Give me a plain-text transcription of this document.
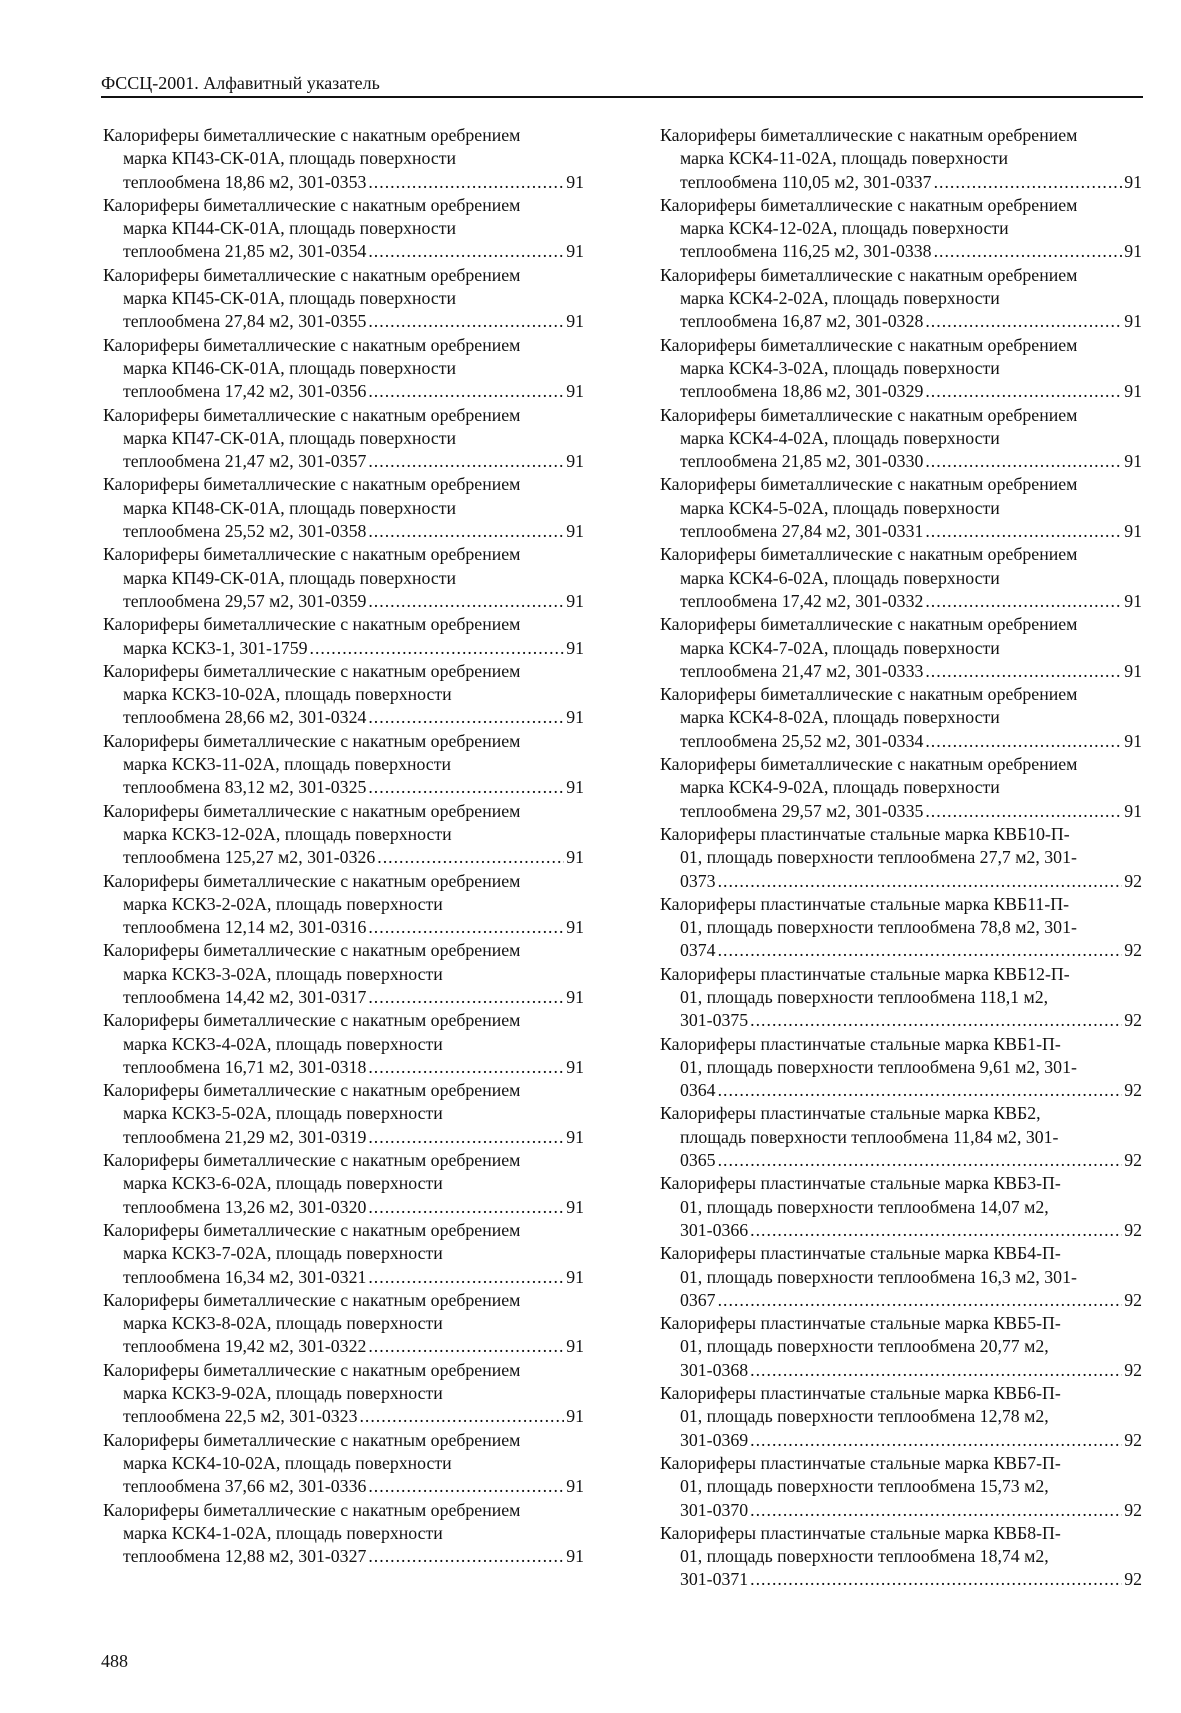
ФССЦ-2001. Алфавитный указатель
Калориферы биметаллические с накатным оребрением
марка КП43-СК-01А, площадь поверхности
теплообмена 18,86 м2, 301-0353 .....	91
Калориферы биметаллические с накатным оребрением
марка КП44-СК-01А, площадь поверхности
теплообмена 21,85 м2, 301-0354 .....	91
Калориферы биметаллические с накатным оребрением
марка КП45-СК-01А, площадь поверхности
теплообмена 27,84 м2, 301-0355 .....	91
Калориферы биметаллические с накатным оребрением
марка КП46-СК-01А, площадь поверхности
теплообмена 17,42 м2, 301-0356 .....	91
Калориферы биметаллические с накатным оребрением
марка КП47-СК-01А, площадь поверхности
теплообмена 21,47 м2, 301-0357 .....	91
Калориферы биметаллические с накатным оребрением
марка КП48-СК-01А, площадь поверхности
теплообмена 25,52 м2, 301-0358 .....	91
Калориферы биметаллические с накатным оребрением
марка КП49-СК-01А, площадь поверхности
теплообмена 29,57 м2, 301-0359 .....	91
Калориферы биметаллические с накатным оребрением
марка КСК3-1, 301-1759 .....	91
Калориферы биметаллические с накатным оребрением
марка КСК3-10-02А, площадь поверхности
теплообмена 28,66 м2, 301-0324 .....	91
Калориферы биметаллические с накатным оребрением
марка КСК3-11-02А, площадь поверхности
теплообмена 83,12 м2, 301-0325 .....	91
Калориферы биметаллические с накатным оребрением
марка КСК3-12-02А, площадь поверхности
теплообмена 125,27 м2, 301-0326 .....	91
Калориферы биметаллические с накатным оребрением
марка КСК3-2-02А, площадь поверхности
теплообмена 12,14 м2, 301-0316 .....	91
Калориферы биметаллические с накатным оребрением
марка КСК3-3-02А, площадь поверхности
теплообмена 14,42 м2, 301-0317 .....	91
Калориферы биметаллические с накатным оребрением
марка КСК3-4-02А, площадь поверхности
теплообмена 16,71 м2, 301-0318 .....	91
Калориферы биметаллические с накатным оребрением
марка КСК3-5-02А, площадь поверхности
теплообмена 21,29 м2, 301-0319 .....	91
Калориферы биметаллические с накатным оребрением
марка КСК3-6-02А, площадь поверхности
теплообмена 13,26 м2, 301-0320 .....	91
Калориферы биметаллические с накатным оребрением
марка КСК3-7-02А, площадь поверхности
теплообмена 16,34 м2, 301-0321 .....	91
Калориферы биметаллические с накатным оребрением
марка КСК3-8-02А, площадь поверхности
теплообмена 19,42 м2, 301-0322 .....	91
Калориферы биметаллические с накатным оребрением
марка КСК3-9-02А, площадь поверхности
теплообмена 22,5 м2, 301-0323 .....	91
Калориферы биметаллические с накатным оребрением
марка КСК4-10-02А, площадь поверхности
теплообмена 37,66 м2, 301-0336 .....	91
Калориферы биметаллические с накатным оребрением
марка КСК4-1-02А, площадь поверхности
теплообмена 12,88 м2, 301-0327 .....	91
Калориферы биметаллические с накатным оребрением
марка КСК4-11-02А, площадь поверхности
теплообмена 110,05 м2, 301-0337 .....	91
Калориферы биметаллические с накатным оребрением
марка КСК4-12-02А, площадь поверхности
теплообмена 116,25 м2, 301-0338 .....	91
Калориферы биметаллические с накатным оребрением
марка КСК4-2-02А, площадь поверхности
теплообмена 16,87 м2, 301-0328 .....	91
Калориферы биметаллические с накатным оребрением
марка КСК4-3-02А, площадь поверхности
теплообмена 18,86 м2, 301-0329 .....	91
Калориферы биметаллические с накатным оребрением
марка КСК4-4-02А, площадь поверхности
теплообмена 21,85 м2, 301-0330 .....	91
Калориферы биметаллические с накатным оребрением
марка КСК4-5-02А, площадь поверхности
теплообмена 27,84 м2, 301-0331 .....	91
Калориферы биметаллические с накатным оребрением
марка КСК4-6-02А, площадь поверхности
теплообмена 17,42 м2, 301-0332 .....	91
Калориферы биметаллические с накатным оребрением
марка КСК4-7-02А, площадь поверхности
теплообмена 21,47 м2, 301-0333 .....	91
Калориферы биметаллические с накатным оребрением
марка КСК4-8-02А, площадь поверхности
теплообмена 25,52 м2, 301-0334 .....	91
Калориферы биметаллические с накатным оребрением
марка КСК4-9-02А, площадь поверхности
теплообмена 29,57 м2, 301-0335 .....	91
Калориферы пластинчатые стальные марка КВБ10-П-
01, площадь поверхности теплообмена 27,7 м2, 301-
0373 .....	92
Калориферы пластинчатые стальные марка КВБ11-П-
01, площадь поверхности теплообмена 78,8 м2, 301-
0374 .....	92
Калориферы пластинчатые стальные марка КВБ12-П-
01, площадь поверхности теплообмена 118,1 м2,
301-0375 .....	92
Калориферы пластинчатые стальные марка КВБ1-П-
01, площадь поверхности теплообмена 9,61 м2, 301-
0364 .....	92
Калориферы пластинчатые стальные марка КВБ2,
площадь поверхности теплообмена 11,84 м2, 301-
0365 .....	92
Калориферы пластинчатые стальные марка КВБ3-П-
01, площадь поверхности теплообмена 14,07 м2,
301-0366 .....	92
Калориферы пластинчатые стальные марка КВБ4-П-
01, площадь поверхности теплообмена 16,3 м2, 301-
0367 .....	92
Калориферы пластинчатые стальные марка КВБ5-П-
01, площадь поверхности теплообмена 20,77 м2,
301-0368 .....	92
Калориферы пластинчатые стальные марка КВБ6-П-
01, площадь поверхности теплообмена 12,78 м2,
301-0369 .....	92
Калориферы пластинчатые стальные марка КВБ7-П-
01, площадь поверхности теплообмена 15,73 м2,
301-0370 .....	92
Калориферы пластинчатые стальные марка КВБ8-П-
01, площадь поверхности теплообмена 18,74 м2,
301-0371 .....	92
488
